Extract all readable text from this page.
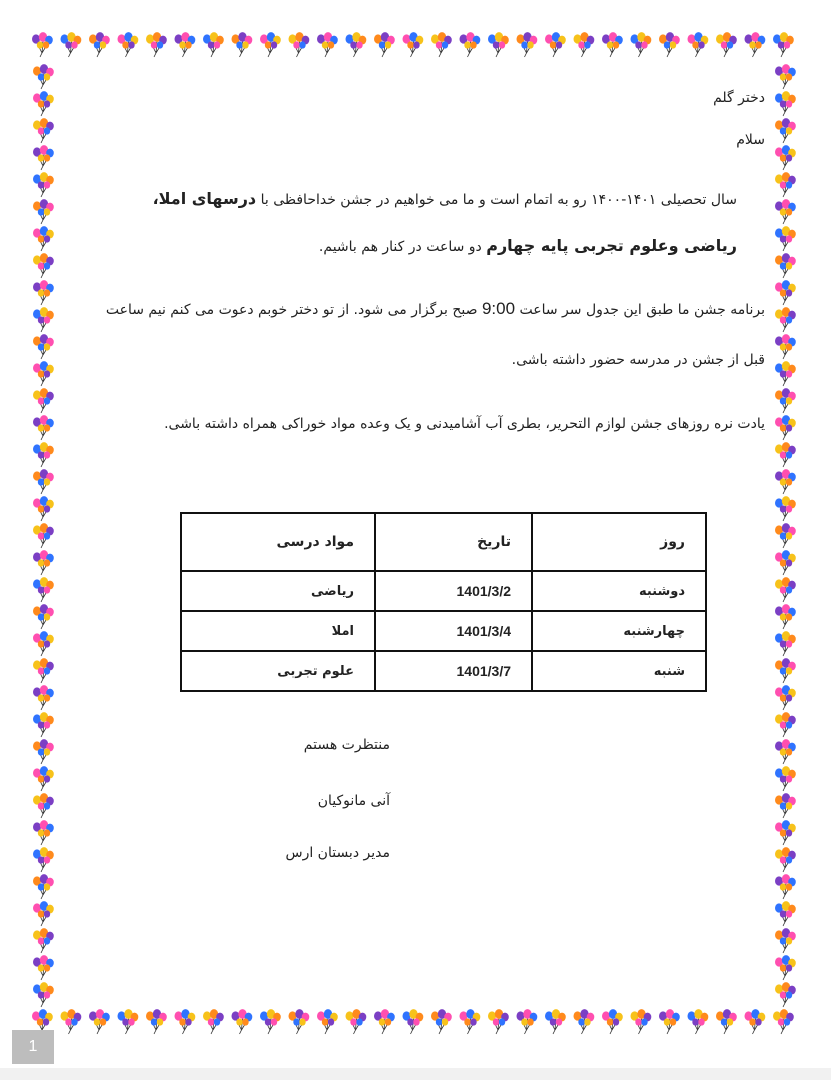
دختر گلم

سلام

سال تحصیلی ۱۴۰۱-۱۴۰۰ رو به اتمام است و ما می خواهیم در جشن خداحافظی با درسهای املا، ریاضی وعلوم تجربی پایه چهارم دو ساعت در کنار هم باشیم.

برنامه جشن ما طبق این جدول سر ساعت 9:00 صبح برگزار می شود. از تو دختر خوبم دعوت می کنم نیم ساعت قبل از جشن در مدرسه حضور داشته باشی.

یادت نره روزهای جشن لوازم التحریر، بطری آب آشامیدنی و یک وعده مواد خوراکی همراه داشته باشی.

روز	تاریخ	مواد درسی
دوشنبه	1401/3/2	ریاضی
چهارشنبه	1401/3/4	املا
شنبه	1401/3/7	علوم تجربی
منتظرت هستم
آنی مانوکیان
مدیر دبستان ارس
1
